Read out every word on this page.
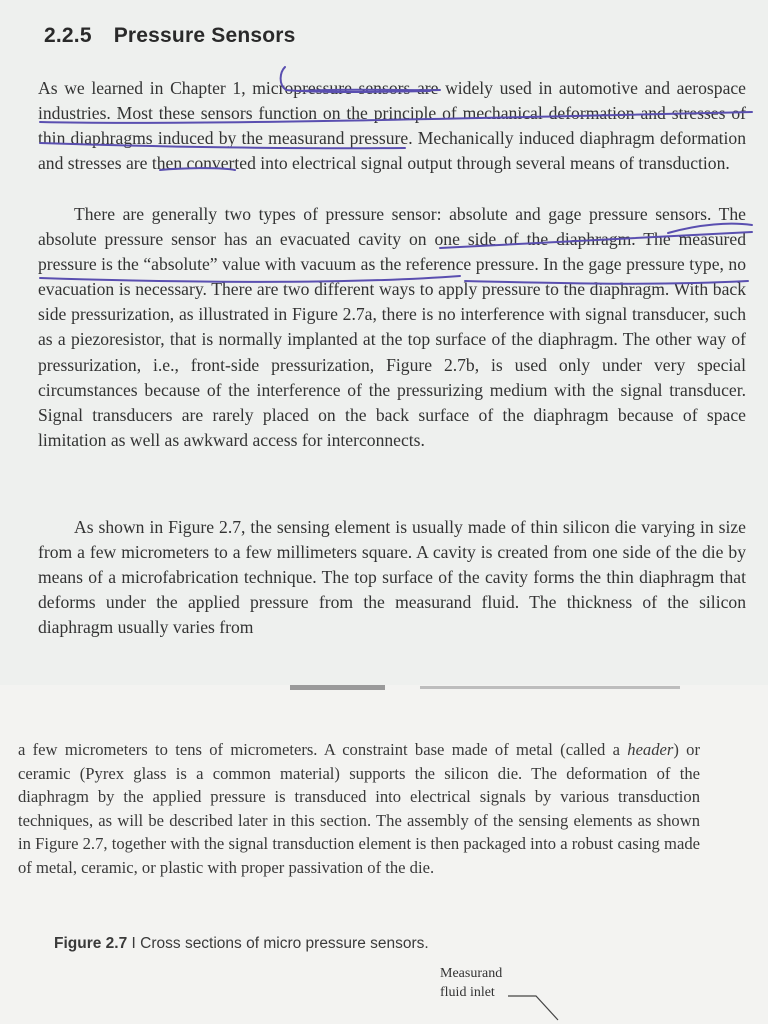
2.2.5 Pressure Sensors
As we learned in Chapter 1, micropressure sensors are widely used in automotive and aerospace industries. Most these sensors function on the principle of mechanical deformation and stresses of thin diaphragms induced by the measurand pressure. Mechanically induced diaphragm deformation and stresses are then converted into electrical signal output through several means of transduction.
There are generally two types of pressure sensor: absolute and gage pressure sensors. The absolute pressure sensor has an evacuated cavity on one side of the diaphragm. The measured pressure is the “absolute” value with vacuum as the reference pressure. In the gage pressure type, no evacuation is necessary. There are two different ways to apply pressure to the diaphragm. With back side pressurization, as illustrated in Figure 2.7a, there is no interference with signal transducer, such as a piezoresistor, that is normally implanted at the top surface of the diaphragm. The other way of pressurization, i.e., front-side pressurization, Figure 2.7b, is used only under very special circumstances because of the interference of the pressurizing medium with the signal transducer. Signal transducers are rarely placed on the back surface of the diaphragm because of space limitation as well as awkward access for interconnects.
As shown in Figure 2.7, the sensing element is usually made of thin silicon die varying in size from a few micrometers to a few millimeters square. A cavity is created from one side of the die by means of a microfabrication technique. The top surface of the cavity forms the thin diaphragm that deforms under the applied pressure from the measurand fluid. The thickness of the silicon diaphragm usually varies from
a few micrometers to tens of micrometers. A constraint base made of metal (called a header) or ceramic (Pyrex glass is a common material) supports the silicon die. The deformation of the diaphragm by the applied pressure is transduced into electrical signals by various transduction techniques, as will be described later in this section. The assembly of the sensing elements as shown in Figure 2.7, together with the signal transduction element is then packaged into a robust casing made of metal, ceramic, or plastic with proper passivation of the die.
Figure 2.7 I Cross sections of micro pressure sensors.
Measurand
fluid inlet
